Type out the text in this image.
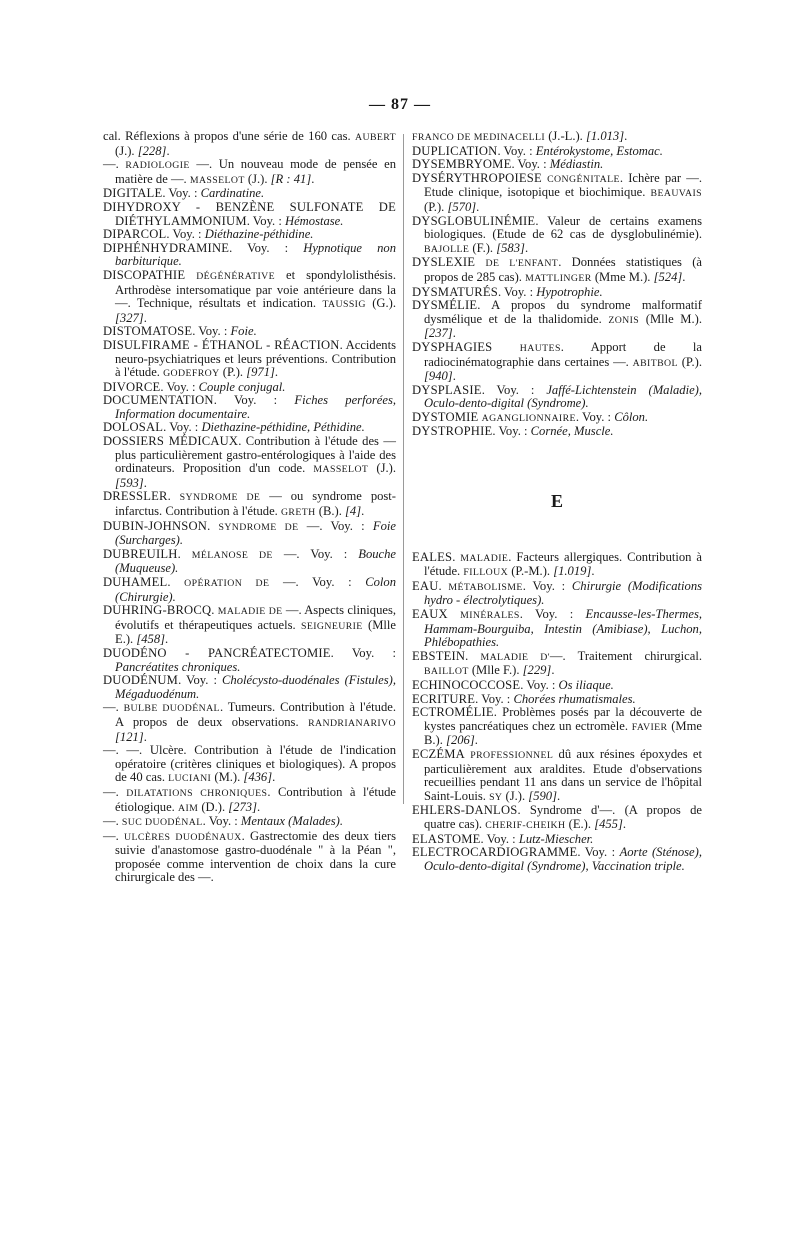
— 87 —

cal. Réflexions à propos d'une série de 160 cas. AUBERT (J.). [228].

—. RADIOLOGIE —. Un nouveau mode de pensée en matière de —. MASSELOT (J.). [R : 41].

DIGITALE. Voy. : Cardinatine.

DIHYDROXY - BENZÈNE SULFONATE DE DIÉTHYLAMMONIUM. Voy. : Hémostase.

DIPARCOL. Voy. : Diéthazine-péthidine.

DIPHÉNHYDRAMINE. Voy. : Hypnotique non barbiturique.

DISCOPATHIE DÉGÉNÉRATIVE et spondylolisthésis. Arthrodèse intersomatique par voie antérieure dans la —. Technique, résultats et indication. TAUSSIG (G.). [327].

DISTOMATOSE. Voy. : Foie.

DISULFIRAME - ÉTHANOL - RÉACTION. Accidents neuro-psychiatriques et leurs préventions. Contribution à l'étude. GODEFROY (P.). [971].

DIVORCE. Voy. : Couple conjugal.

DOCUMENTATION. Voy. : Fiches perforées, Information documentaire.

DOLOSAL. Voy. : Diethazine-péthidine, Péthidine.

DOSSIERS MÉDICAUX. Contribution à l'étude des — plus particulièrement gastro-entérologiques à l'aide des ordinateurs. Proposition d'un code. MASSELOT (J.). [593].

DRESSLER. SYNDROME DE — ou syndrome post-infarctus. Contribution à l'étude. GRETH (B.). [4].

DUBIN-JOHNSON. SYNDROME DE —. Voy. : Foie (Surcharges).

DUBREUILH. MÉLANOSE DE —. Voy. : Bouche (Muqueuse).

DUHAMEL. OPÉRATION DE —. Voy. : Colon (Chirurgie).

DUHRING-BROCQ. MALADIE DE —. Aspects cliniques, évolutifs et thérapeutiques actuels. SEIGNEURIE (Mlle E.). [458].

DUODÉNO - PANCRÉATECTOMIE. Voy. : Pancréatites chroniques.

DUODÉNUM. Voy. : Cholécysto-duodénales (Fistules), Mégaduodénum.

—. BULBE DUODÉNAL. Tumeurs. Contribution à l'étude. A propos de deux observations. RANDRIANARIVO [121].

—. —. Ulcère. Contribution à l'étude de l'indication opératoire (critères cliniques et biologiques). A propos de 40 cas. LUCIANI (M.). [436].

—. DILATATIONS CHRONIQUES. Contribution à l'étude étiologique. AIM (D.). [273].

—. SUC DUODÉNAL. Voy. : Mentaux (Malades).

—. ULCÈRES DUODÉNAUX. Gastrectomie des deux tiers suivie d'anastomose gastro-duodénale " à la Péan ", proposée comme intervention de choix dans la cure chirurgicale des —.

FRANCO DE MEDINACELLI (J.-L.). [1.013].

DUPLICATION. Voy. : Entérokystome, Estomac.

DYSEMBRYOME. Voy. : Médiastin.

DYSÉRYTHROPOIESE CONGÉNITALE. Ichère par —. Etude clinique, isotopique et biochimique. BEAUVAIS (P.). [570].

DYSGLOBULINÉMIE. Valeur de certains examens biologiques. (Etude de 62 cas de dysglobulinémie). BAJOLLE (F.). [583].

DYSLEXIE DE L'ENFANT. Données statistiques (à propos de 285 cas). MATTLINGER (Mme M.). [524].

DYSMATURÉS. Voy. : Hypotrophie.

DYSMÉLIE. A propos du syndrome malformatif dysmélique et de la thalidomide. ZONIS (Mlle M.). [237].

DYSPHAGIES	HAUTES. Apport de la radiocinématographie dans certaines —. ABITBOL (P.). [940].

DYSPLASIE. Voy. : Jaffé-Lichtenstein (Maladie), Oculo-dento-digital (Syndrome).

DYSTOMIE AGANGLIONNAIRE. Voy. : Côlon.

DYSTROPHIE. Voy. : Cornée, Muscle.

E

EALES. MALADIE. Facteurs allergiques. Contribution à l'étude. FILLOUX (P.-M.). [1.019].

EAU. MÉTABOLISME. Voy. : Chirurgie (Modifications hydro - électrolytiques).

EAUX MINÉRALES. Voy. : Encausse-les-Thermes, Hammam-Bourguiba, Intestin (Amibiase), Luchon, Phlébopathies.

EBSTEIN. MALADIE D'—. Traitement chirurgical. BAILLOT (Mlle F.). [229].

ECHINOCOCCOSE. Voy. : Os iliaque.

ECRITURE. Voy. : Chorées rhumatismales.

ECTROMÉLIE. Problèmes posés par la découverte de kystes pancréatiques chez un ectromèle. FAVIER (Mme B.). [206].

ECZÉMA PROFESSIONNEL dû aux résines époxydes et particulièrement aux araldites. Etude d'observations recueillies pendant 11 ans dans un service de l'hôpital Saint-Louis. SY (J.). [590].

EHLERS-DANLOS. Syndrome d'—. (A propos de quatre cas). CHERIF-CHEIKH (E.). [455].

ELASTOME. Voy. : Lutz-Miescher.

ELECTROCARDIOGRAMME. Voy. : Aorte (Sténose), Oculo-dento-digital (Syndrome), Vaccination triple.
